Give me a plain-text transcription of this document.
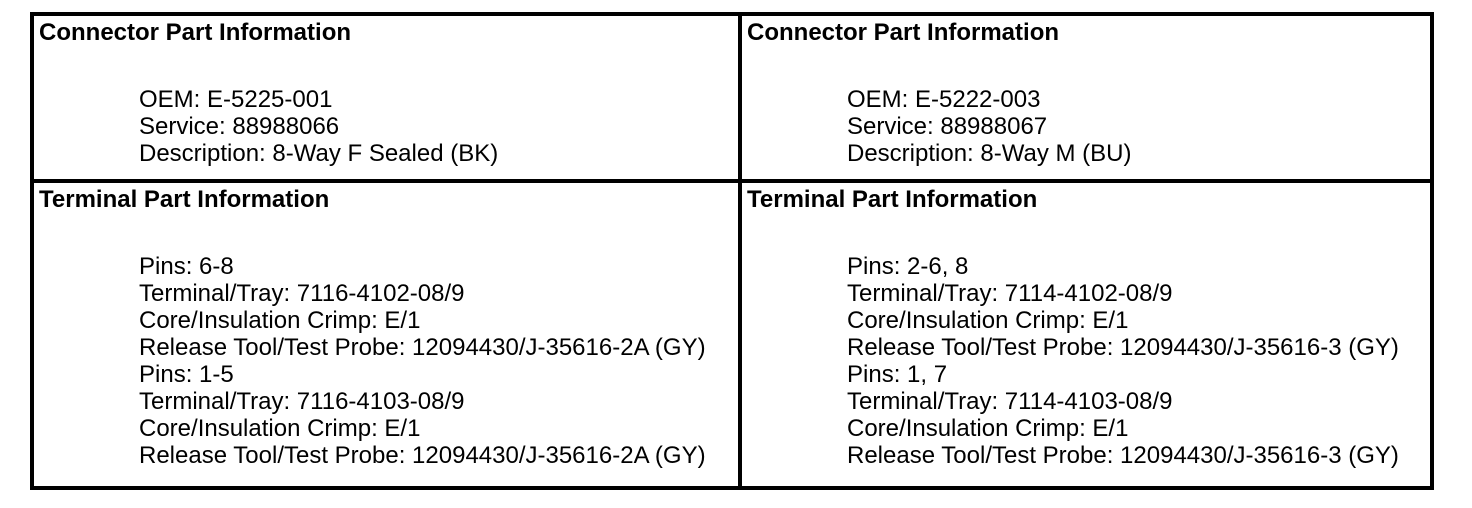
Connector Part Information
OEM: E-5225-001
Service: 88988066
Description: 8-Way F Sealed (BK)
Connector Part Information
OEM: E-5222-003
Service: 88988067
Description: 8-Way M (BU)
Terminal Part Information
Pins: 6-8
Terminal/Tray: 7116-4102-08/9
Core/Insulation Crimp: E/1
Release Tool/Test Probe: 12094430/J-35616-2A (GY)
Pins: 1-5
Terminal/Tray: 7116-4103-08/9
Core/Insulation Crimp: E/1
Release Tool/Test Probe: 12094430/J-35616-2A (GY)
Terminal Part Information
Pins: 2-6, 8
Terminal/Tray: 7114-4102-08/9
Core/Insulation Crimp: E/1
Release Tool/Test Probe: 12094430/J-35616-3 (GY)
Pins: 1, 7
Terminal/Tray: 7114-4103-08/9
Core/Insulation Crimp: E/1
Release Tool/Test Probe: 12094430/J-35616-3 (GY)
